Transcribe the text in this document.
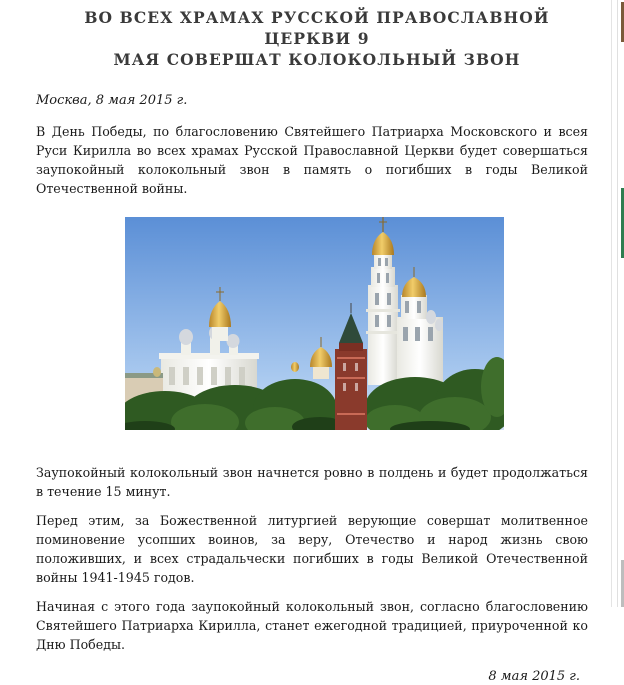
ВО ВСЕХ ХРАМАХ РУССКОЙ ПРАВОСЛАВНОЙ ЦЕРКВИ 9
МАЯ СОВЕРШАТ КОЛОКОЛЬНЫЙ ЗВОН
Москва, 8 мая 2015 г.

В День Победы, по благословению Святейшего Патриарха Московского и всея Руси Кирилла во всех храмах Русской Православной Церкви будет совершаться заупокойный колокольный звон в память о погибших в годы Великой Отечественной войны.

Заупокойный колокольный звон начнется ровно в полдень и будет продолжаться в течение 15 минут.

Перед этим, за Божественной литургией верующие совершат молитвенное поминовение усопших воинов, за веру, Отечество и народ жизнь свою положивших, и всех страдальчески погибших в годы Великой Отечественной войны 1941-1945 годов.

Начиная с этого года заупокойный колокольный звон, согласно благословению Святейшего Патриарха Кирилла, станет ежегодной традицией, приуроченной ко Дню Победы.

8 мая 2015 г.
